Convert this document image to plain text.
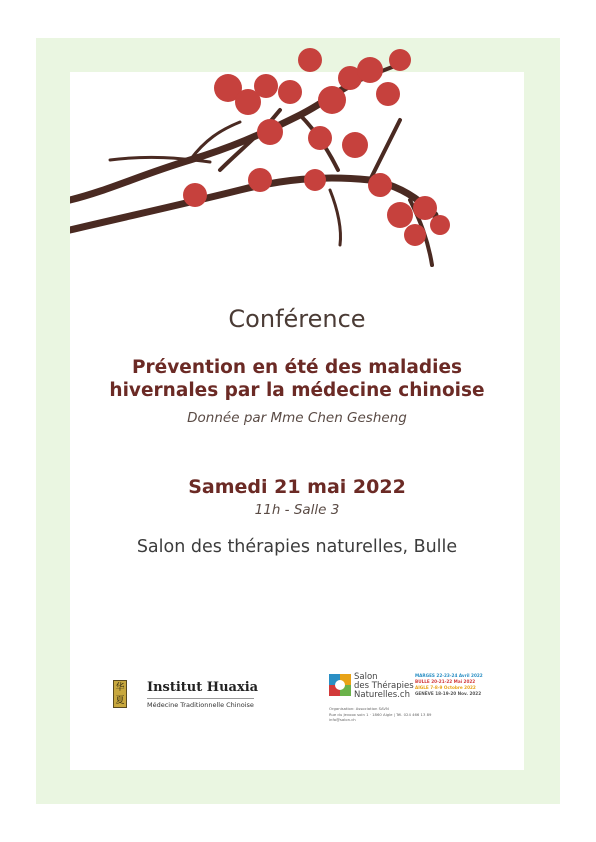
Conférence

Prévention en été des maladies
hivernales par la médecine chinoise

Donnée par Mme Chen Gesheng

Samedi 21 mai 2022

11h - Salle 3

Salon des thérapies naturelles, Bulle

华
夏
Institut Huaxia
Médecine Traditionnelle Chinoise
Salon
des Thérapies
Naturelles.ch
MARGES 22-23-24 Avril 2022
BULLE 20-21-22 Mai 2022
AIGLE 7-8-9 Octobre 2022
GENÈVE 18-19-20 Nov. 2022
Organisation: Association SAVN
Rue du Jevoox soin 1 · 1860 Aigle | Tél. 024 466 13 89
info@salon.ch
